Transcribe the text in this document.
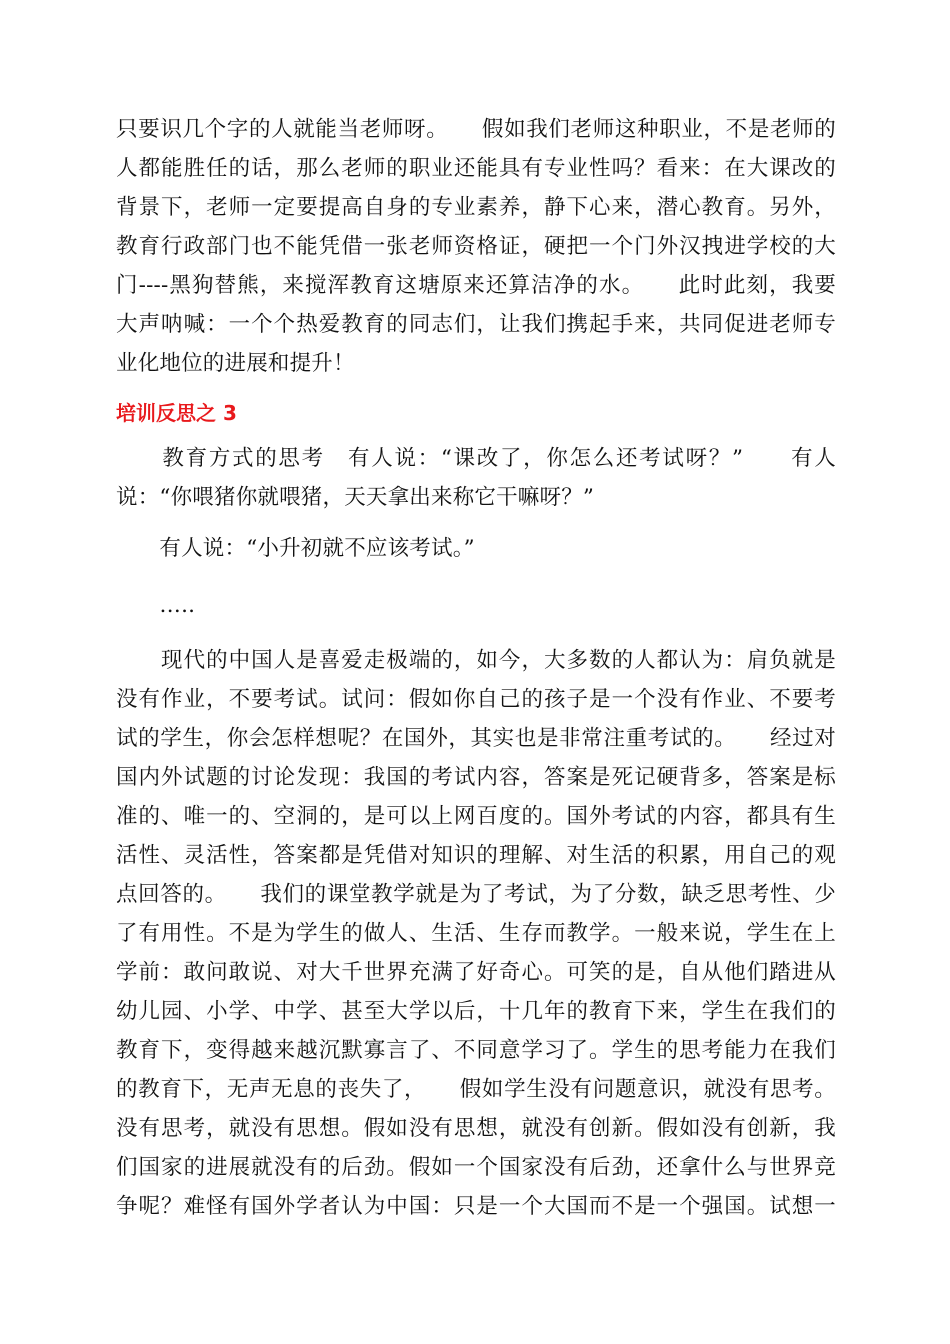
只要识几个字的人就能当老师呀。　　假如我们老师这种职业，不是老师的
人都能胜任的话，那么老师的职业还能具有专业性吗？看来：在大课改的
背景下，老师一定要提高自身的专业素养，静下心来，潜心教育。另外，
教育行政部门也不能凭借一张老师资格证，硬把一个门外汉拽进学校的大
门----黑狗替熊，来搅浑教育这塘原来还算洁净的水。　　此时此刻，我要
大声呐喊：一个个热爱教育的同志们，让我们携起手来，共同促进老师专
业化地位的进展和提升！
培训反思之 3
　　教育方式的思考　有人说：“课改了，你怎么还考试呀？”　　有人
说：“你喂猪你就喂猪，天天拿出来称它干嘛呀？”
　　有人说：“小升初就不应该考试。”
　　…..
　　现代的中国人是喜爱走极端的，如今，大多数的人都认为：肩负就是
没有作业，不要考试。试问：假如你自己的孩子是一个没有作业、不要考
试的学生，你会怎样想呢？在国外，其实也是非常注重考试的。　　经过对
国内外试题的讨论发现：我国的考试内容，答案是死记硬背多，答案是标
准的、唯一的、空洞的，是可以上网百度的。国外考试的内容，都具有生
活性、灵活性，答案都是凭借对知识的理解、对生活的积累，用自己的观
点回答的。　　我们的课堂教学就是为了考试，为了分数，缺乏思考性、少
了有用性。不是为学生的做人、生活、生存而教学。一般来说，学生在上
学前：敢问敢说、对大千世界充满了好奇心。可笑的是，自从他们踏进从
幼儿园、小学、中学、甚至大学以后，十几年的教育下来，学生在我们的
教育下，变得越来越沉默寡言了、不同意学习了。学生的思考能力在我们
的教育下，无声无息的丧失了，　　假如学生没有问题意识，就没有思考。
没有思考，就没有思想。假如没有思想，就没有创新。假如没有创新，我
们国家的进展就没有的后劲。假如一个国家没有后劲，还拿什么与世界竞
争呢？难怪有国外学者认为中国：只是一个大国而不是一个强国。试想一
